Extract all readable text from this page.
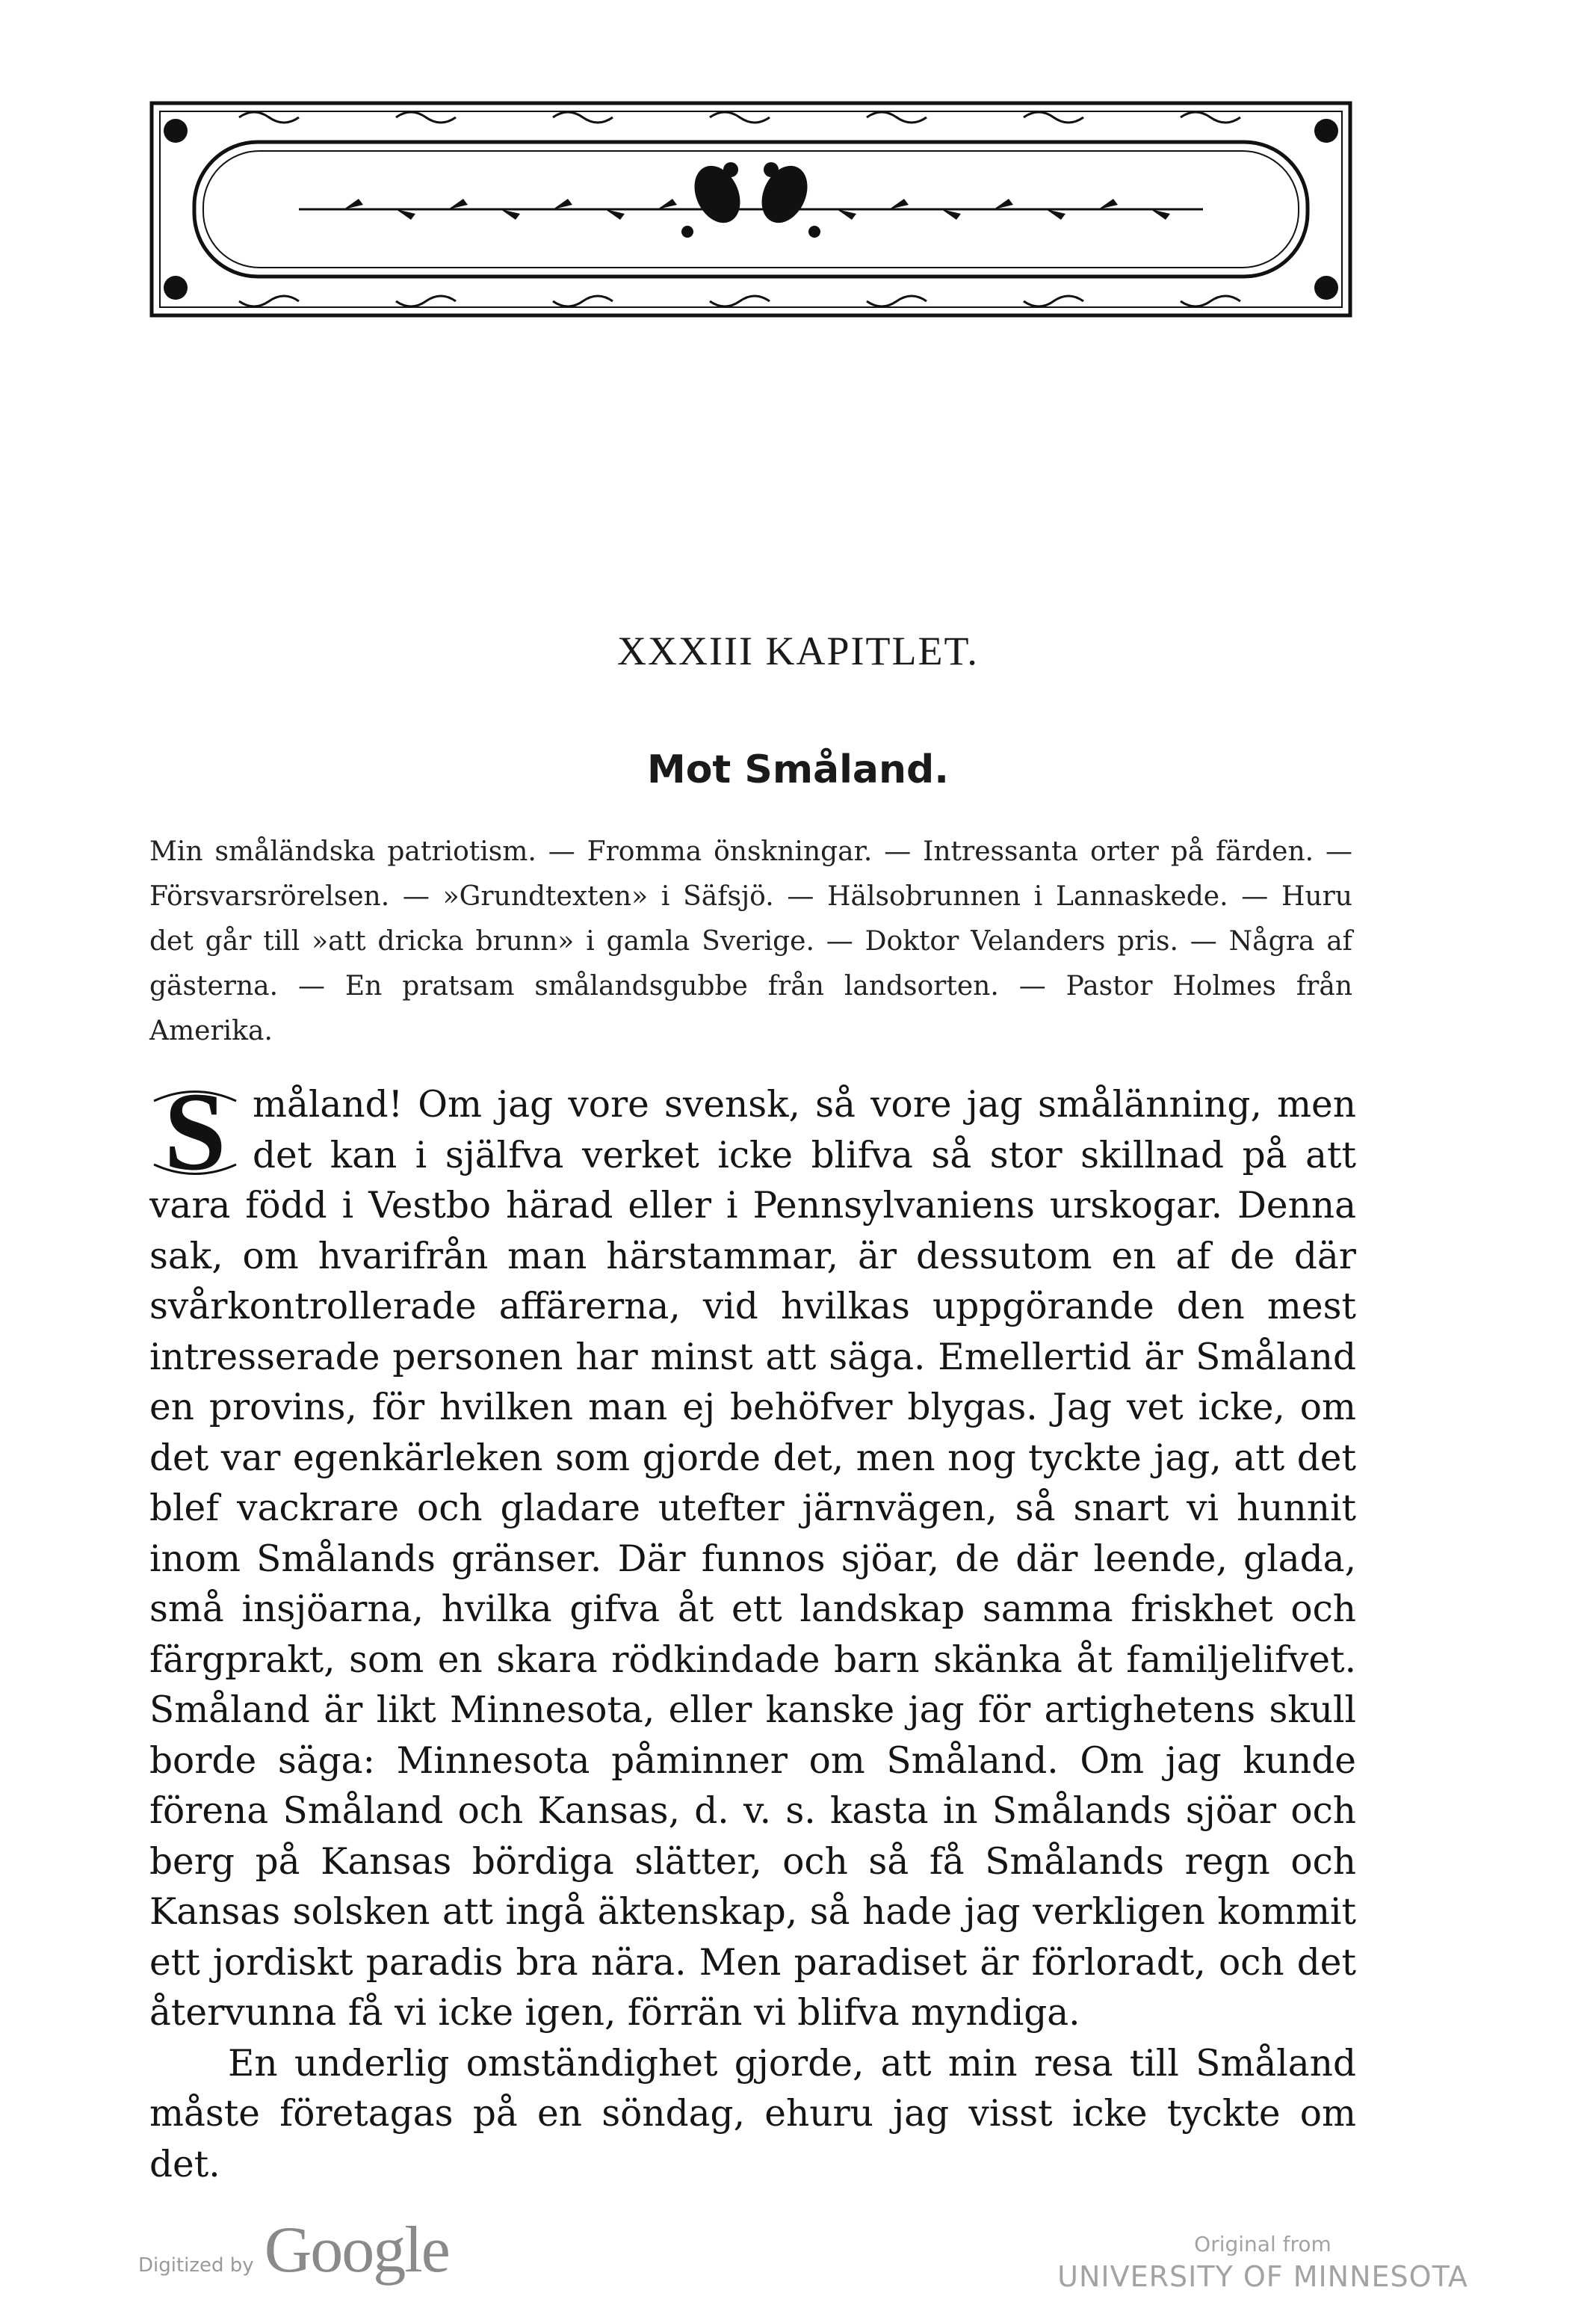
XXXIII KAPITLET.
Mot Småland.
Min småländska patriotism. — Fromma önskningar. — Intressanta orter på färden. — Försvarsrörelsen. — »Grundtexten» i Säfsjö. — Hälsobrunnen i Lannaskede. — Huru det går till »att dricka brunn» i gamla Sverige. — Doktor Velanders pris. — Några af gästerna. — En pratsam smålandsgubbe från landsorten. — Pastor Holmes från Amerika.

S måland! Om jag vore svensk, så vore jag smålänning, men det kan i själfva verket icke blifva så stor skillnad på att vara född i Vestbo härad eller i Pennsylvaniens urskogar. Denna sak, om hvarifrån man härstammar, är dessutom en af de där svårkontrollerade affärerna, vid hvilkas uppgörande den mest intresserade personen har minst att säga. Emellertid är Småland en provins, för hvilken man ej behöfver blygas. Jag vet icke, om det var egenkärleken som gjorde det, men nog tyckte jag, att det blef vackrare och gladare utefter järnvägen, så snart vi hunnit inom Smålands gränser. Där funnos sjöar, de där leende, glada, små insjöarna, hvilka gifva åt ett landskap samma friskhet och färgprakt, som en skara rödkindade barn skänka åt familjelifvet. Småland är likt Minnesota, eller kanske jag för artighetens skull borde säga: Minnesota påminner om Småland. Om jag kunde förena Småland och Kansas, d. v. s. kasta in Smålands sjöar och berg på Kansas bördiga slätter, och så få Smålands regn och Kansas solsken att ingå äktenskap, så hade jag verkligen kommit ett jordiskt paradis bra nära. Men paradiset är förloradt, och det återvunna få vi icke igen, förrän vi blifva myndiga.

En underlig omständighet gjorde, att min resa till Småland måste företagas på en söndag, ehuru jag visst icke tyckte om det.

Digitized by Google	Original from
UNIVERSITY OF MINNESOTA
